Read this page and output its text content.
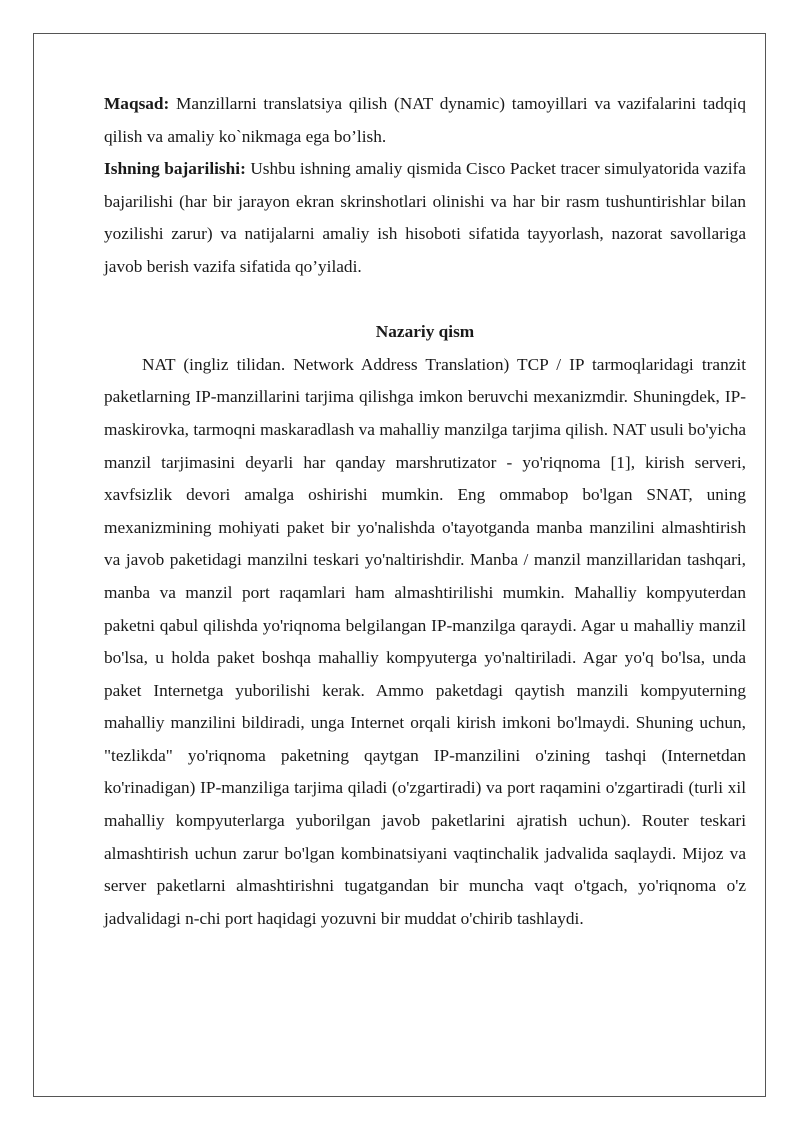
Maqsad: Manzillarni translatsiya qilish (NAT dynamic) tamoyillari va vazifalarini tadqiq qilish va amaliy ko`nikmaga ega bo’lish.

Ishning bajarilishi: Ushbu ishning amaliy qismida Cisco Packet tracer simulyatorida vazifa bajarilishi (har bir jarayon ekran skrinshotlari olinishi va har bir rasm tushuntirishlar bilan yozilishi zarur) va natijalarni amaliy ish hisoboti sifatida tayyorlash, nazorat savollariga javob berish vazifa sifatida qo’yiladi.

Nazariy qism

NAT (ingliz tilidan. Network Address Translation) TCP / IP tarmoqlaridagi tranzit paketlarning IP-manzillarini tarjima qilishga imkon beruvchi mexanizmdir. Shuningdek, IP-maskirovka, tarmoqni maskaradlash va mahalliy manzilga tarjima qilish. NAT usuli bo'yicha manzil tarjimasini deyarli har qanday marshrutizator - yo'riqnoma [1], kirish serveri, xavfsizlik devori amalga oshirishi mumkin. Eng ommabop bo'lgan SNAT, uning mexanizmining mohiyati paket bir yo'nalishda o'tayotganda manba manzilini almashtirish va javob paketidagi manzilni teskari yo'naltirishdir. Manba / manzil manzillaridan tashqari, manba va manzil port raqamlari ham almashtirilishi mumkin. Mahalliy kompyuterdan paketni qabul qilishda yo'riqnoma belgilangan IP-manzilga qaraydi. Agar u mahalliy manzil bo'lsa, u holda paket boshqa mahalliy kompyuterga yo'naltiriladi. Agar yo'q bo'lsa, unda paket Internetga yuborilishi kerak. Ammo paketdagi qaytish manzili kompyuterning mahalliy manzilini bildiradi, unga Internet orqali kirish imkoni bo'lmaydi. Shuning uchun, "tezlikda" yo'riqnoma paketning qaytgan IP-manzilini o'zining tashqi (Internetdan ko'rinadigan) IP-manziliga tarjima qiladi (o'zgartiradi) va port raqamini o'zgartiradi (turli xil mahalliy kompyuterlarga yuborilgan javob paketlarini ajratish uchun). Router teskari almashtirish uchun zarur bo'lgan kombinatsiyani vaqtinchalik jadvalida saqlaydi. Mijoz va server paketlarni almashtirishni tugatgandan bir muncha vaqt o'tgach, yo'riqnoma o'z jadvalidagi n-chi port haqidagi yozuvni bir muddat o'chirib tashlaydi.
